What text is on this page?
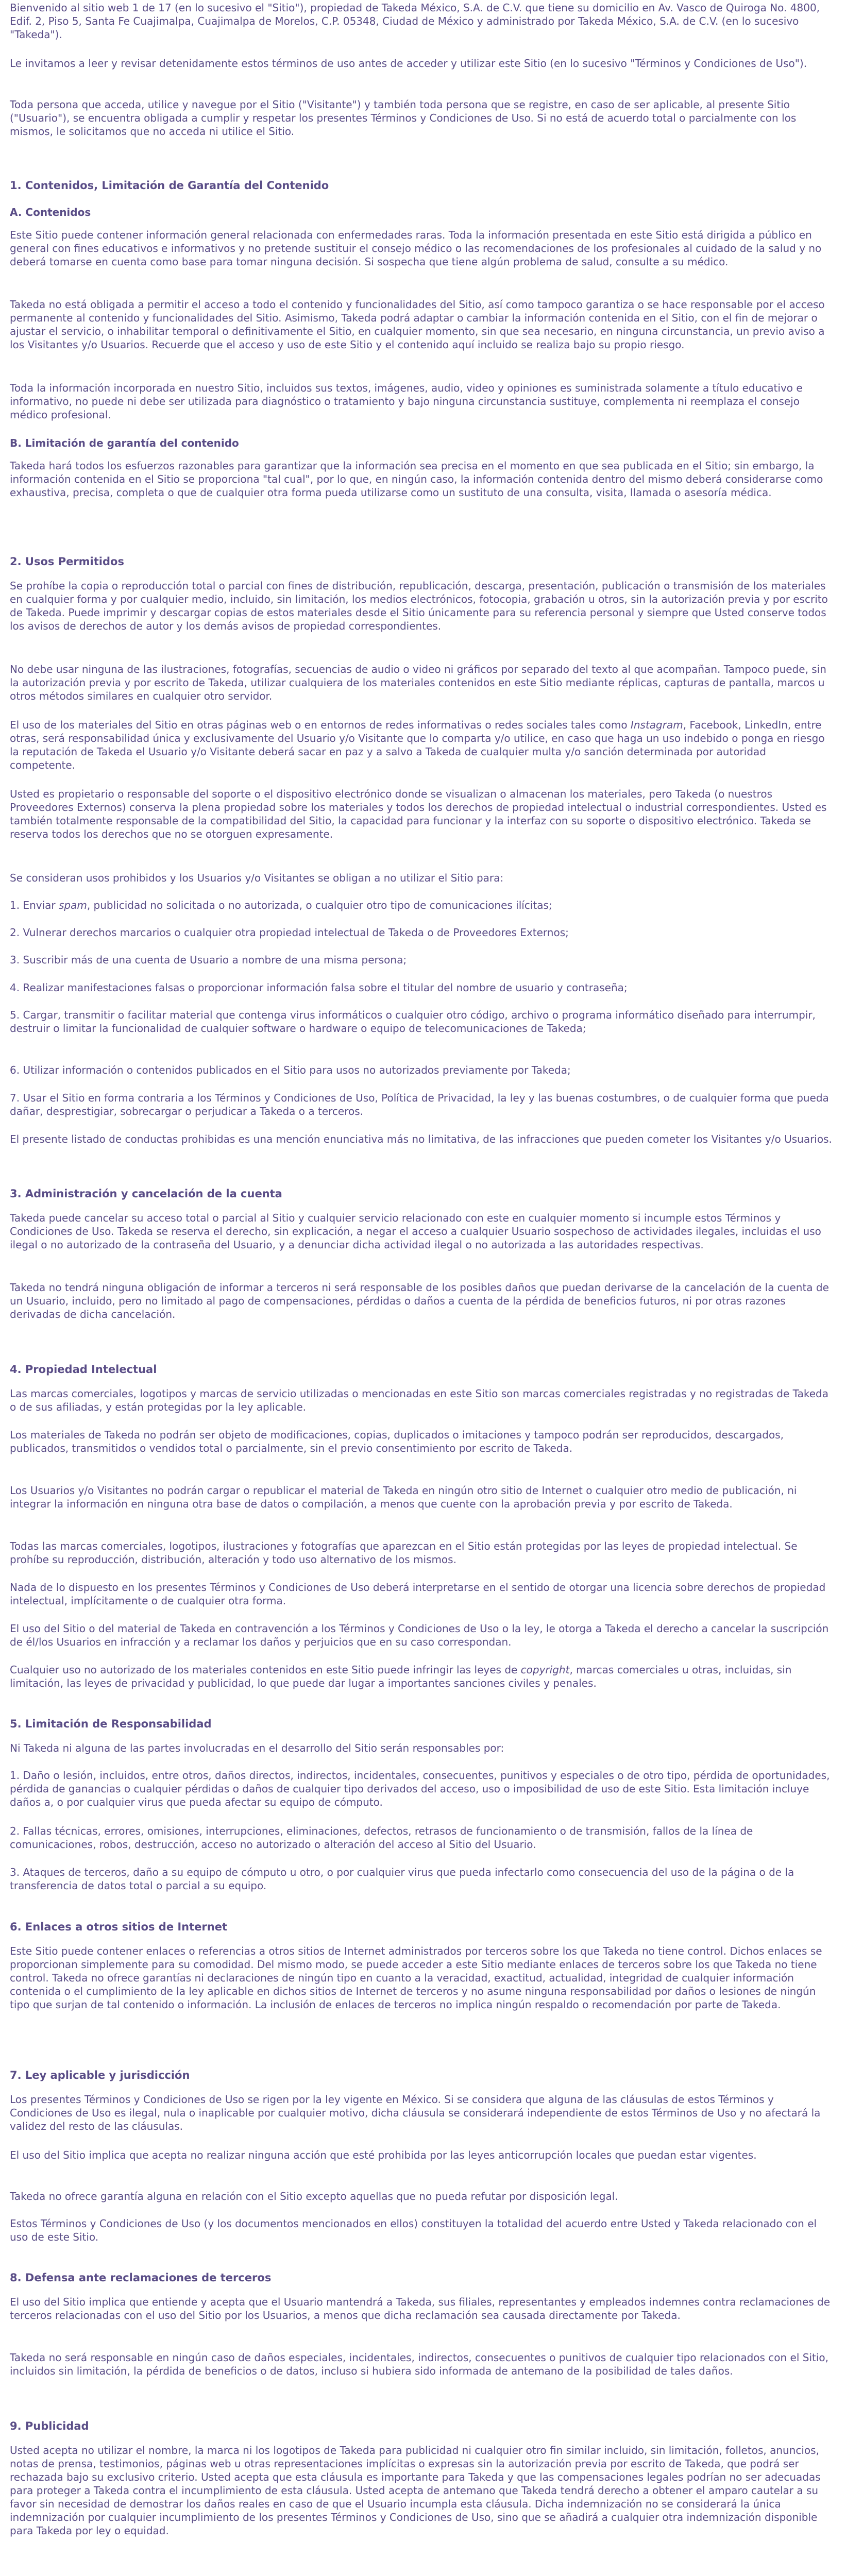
Bienvenido al sitio web 1 de 17 (en lo sucesivo el "Sitio"), propiedad de Takeda México, S.A. de C.V. que tiene su domicilio en Av. Vasco de Quiroga No. 4800, Edif. 2, Piso 5, Santa Fe Cuajimalpa, Cuajimalpa de Morelos, C.P. 05348, Ciudad de México y administrado por Takeda México, S.A. de C.V. (en lo sucesivo "Takeda").

Le invitamos a leer y revisar detenidamente estos términos de uso antes de acceder y utilizar este Sitio (en lo sucesivo "Términos y Condiciones de Uso").

Toda persona que acceda, utilice y navegue por el Sitio ("Visitante") y también toda persona que se registre, en caso de ser aplicable, al presente Sitio ("Usuario"), se encuentra obligada a cumplir y respetar los presentes Términos y Condiciones de Uso. Si no está de acuerdo total o parcialmente con los mismos, le solicitamos que no acceda ni utilice el Sitio.

1. Contenidos, Limitación de Garantía del Contenido
A. Contenidos

Este Sitio puede contener información general relacionada con enfermedades raras. Toda la información presentada en este Sitio está dirigida a público en general con fines educativos e informativos y no pretende sustituir el consejo médico o las recomendaciones de los profesionales al cuidado de la salud y no deberá tomarse en cuenta como base para tomar ninguna decisión. Si sospecha que tiene algún problema de salud, consulte a su médico.

Takeda no está obligada a permitir el acceso a todo el contenido y funcionalidades del Sitio, así como tampoco garantiza o se hace responsable por el acceso permanente al contenido y funcionalidades del Sitio. Asimismo, Takeda podrá adaptar o cambiar la información contenida en el Sitio, con el fin de mejorar o ajustar el servicio, o inhabilitar temporal o definitivamente el Sitio, en cualquier momento, sin que sea necesario, en ninguna circunstancia, un previo aviso a los Visitantes y/o Usuarios. Recuerde que el acceso y uso de este Sitio y el contenido aquí incluido se realiza bajo su propio riesgo.

Toda la información incorporada en nuestro Sitio, incluidos sus textos, imágenes, audio, video y opiniones es suministrada solamente a título educativo e informativo, no puede ni debe ser utilizada para diagnóstico o tratamiento y bajo ninguna circunstancia sustituye, complementa ni reemplaza el consejo médico profesional.

B. Limitación de garantía del contenido

Takeda hará todos los esfuerzos razonables para garantizar que la información sea precisa en el momento en que sea publicada en el Sitio; sin embargo, la información contenida en el Sitio se proporciona "tal cual", por lo que, en ningún caso, la información contenida dentro del mismo deberá considerarse como exhaustiva, precisa, completa o que de cualquier otra forma pueda utilizarse como un sustituto de una consulta, visita, llamada o asesoría médica.

2. Usos Permitidos

Se prohíbe la copia o reproducción total o parcial con fines de distribución, republicación, descarga, presentación, publicación o transmisión de los materiales en cualquier forma y por cualquier medio, incluido, sin limitación, los medios electrónicos, fotocopia, grabación u otros, sin la autorización previa y por escrito de Takeda. Puede imprimir y descargar copias de estos materiales desde el Sitio únicamente para su referencia personal y siempre que Usted conserve todos los avisos de derechos de autor y los demás avisos de propiedad correspondientes.

No debe usar ninguna de las ilustraciones, fotografías, secuencias de audio o video ni gráficos por separado del texto al que acompañan. Tampoco puede, sin la autorización previa y por escrito de Takeda, utilizar cualquiera de los materiales contenidos en este Sitio mediante réplicas, capturas de pantalla, marcos u otros métodos similares en cualquier otro servidor.

El uso de los materiales del Sitio en otras páginas web o en entornos de redes informativas o redes sociales tales como Instagram, Facebook, LinkedIn, entre otras, será responsabilidad única y exclusivamente del Usuario y/o Visitante que lo comparta y/o utilice, en caso que haga un uso indebido o ponga en riesgo la reputación de Takeda el Usuario y/o Visitante deberá sacar en paz y a salvo a Takeda de cualquier multa y/o sanción determinada por autoridad competente.

Usted es propietario o responsable del soporte o el dispositivo electrónico donde se visualizan o almacenan los materiales, pero Takeda (o nuestros Proveedores Externos) conserva la plena propiedad sobre los materiales y todos los derechos de propiedad intelectual o industrial correspondientes. Usted es también totalmente responsable de la compatibilidad del Sitio, la capacidad para funcionar y la interfaz con su soporte o dispositivo electrónico. Takeda se reserva todos los derechos que no se otorguen expresamente.

Se consideran usos prohibidos y los Usuarios y/o Visitantes se obligan a no utilizar el Sitio para:

1. Enviar spam, publicidad no solicitada o no autorizada, o cualquier otro tipo de comunicaciones ilícitas;

2. Vulnerar derechos marcarios o cualquier otra propiedad intelectual de Takeda o de Proveedores Externos;

3. Suscribir más de una cuenta de Usuario a nombre de una misma persona;

4. Realizar manifestaciones falsas o proporcionar información falsa sobre el titular del nombre de usuario y contraseña;

5. Cargar, transmitir o facilitar material que contenga virus informáticos o cualquier otro código, archivo o programa informático diseñado para interrumpir, destruir o limitar la funcionalidad de cualquier software o hardware o equipo de telecomunicaciones de Takeda;

6. Utilizar información o contenidos publicados en el Sitio para usos no autorizados previamente por Takeda;

7. Usar el Sitio en forma contraria a los Términos y Condiciones de Uso, Política de Privacidad, la ley y las buenas costumbres, o de cualquier forma que pueda dañar, desprestigiar, sobrecargar o perjudicar a Takeda o a terceros.

El presente listado de conductas prohibidas es una mención enunciativa más no limitativa, de las infracciones que pueden cometer los Visitantes y/o Usuarios.

3. Administración y cancelación de la cuenta

Takeda puede cancelar su acceso total o parcial al Sitio y cualquier servicio relacionado con este en cualquier momento si incumple estos Términos y Condiciones de Uso. Takeda se reserva el derecho, sin explicación, a negar el acceso a cualquier Usuario sospechoso de actividades ilegales, incluidas el uso ilegal o no autorizado de la contraseña del Usuario, y a denunciar dicha actividad ilegal o no autorizada a las autoridades respectivas.

Takeda no tendrá ninguna obligación de informar a terceros ni será responsable de los posibles daños que puedan derivarse de la cancelación de la cuenta de un Usuario, incluido, pero no limitado al pago de compensaciones, pérdidas o daños a cuenta de la pérdida de beneficios futuros, ni por otras razones derivadas de dicha cancelación.

4. Propiedad Intelectual

Las marcas comerciales, logotipos y marcas de servicio utilizadas o mencionadas en este Sitio son marcas comerciales registradas y no registradas de Takeda o de sus afiliadas, y están protegidas por la ley aplicable.

Los materiales de Takeda no podrán ser objeto de modificaciones, copias, duplicados o imitaciones y tampoco podrán ser reproducidos, descargados, publicados, transmitidos o vendidos total o parcialmente, sin el previo consentimiento por escrito de Takeda.

Los Usuarios y/o Visitantes no podrán cargar o republicar el material de Takeda en ningún otro sitio de Internet o cualquier otro medio de publicación, ni integrar la información en ninguna otra base de datos o compilación, a menos que cuente con la aprobación previa y por escrito de Takeda.

Todas las marcas comerciales, logotipos, ilustraciones y fotografías que aparezcan en el Sitio están protegidas por las leyes de propiedad intelectual. Se prohíbe su reproducción, distribución, alteración y todo uso alternativo de los mismos.

Nada de lo dispuesto en los presentes Términos y Condiciones de Uso deberá interpretarse en el sentido de otorgar una licencia sobre derechos de propiedad intelectual, implícitamente o de cualquier otra forma.

El uso del Sitio o del material de Takeda en contravención a los Términos y Condiciones de Uso o la ley, le otorga a Takeda el derecho a cancelar la suscripción de él/los Usuarios en infracción y a reclamar los daños y perjuicios que en su caso correspondan.

Cualquier uso no autorizado de los materiales contenidos en este Sitio puede infringir las leyes de copyright, marcas comerciales u otras, incluidas, sin limitación, las leyes de privacidad y publicidad, lo que puede dar lugar a importantes sanciones civiles y penales.

5. Limitación de Responsabilidad

Ni Takeda ni alguna de las partes involucradas en el desarrollo del Sitio serán responsables por:

1. Daño o lesión, incluidos, entre otros, daños directos, indirectos, incidentales, consecuentes, punitivos y especiales o de otro tipo, pérdida de oportunidades, pérdida de ganancias o cualquier pérdidas o daños de cualquier tipo derivados del acceso, uso o imposibilidad de uso de este Sitio. Esta limitación incluye daños a, o por cualquier virus que pueda afectar su equipo de cómputo.

2. Fallas técnicas, errores, omisiones, interrupciones, eliminaciones, defectos, retrasos de funcionamiento o de transmisión, fallos de la línea de comunicaciones, robos, destrucción, acceso no autorizado o alteración del acceso al Sitio del Usuario.

3. Ataques de terceros, daño a su equipo de cómputo u otro, o por cualquier virus que pueda infectarlo como consecuencia del uso de la página o de la transferencia de datos total o parcial a su equipo.

6. Enlaces a otros sitios de Internet

Este Sitio puede contener enlaces o referencias a otros sitios de Internet administrados por terceros sobre los que Takeda no tiene control. Dichos enlaces se proporcionan simplemente para su comodidad. Del mismo modo, se puede acceder a este Sitio mediante enlaces de terceros sobre los que Takeda no tiene control. Takeda no ofrece garantías ni declaraciones de ningún tipo en cuanto a la veracidad, exactitud, actualidad, integridad de cualquier información contenida o el cumplimiento de la ley aplicable en dichos sitios de Internet de terceros y no asume ninguna responsabilidad por daños o lesiones de ningún tipo que surjan de tal contenido o información. La inclusión de enlaces de terceros no implica ningún respaldo o recomendación por parte de Takeda.

7. Ley aplicable y jurisdicción

Los presentes Términos y Condiciones de Uso se rigen por la ley vigente en México. Si se considera que alguna de las cláusulas de estos Términos y Condiciones de Uso es ilegal, nula o inaplicable por cualquier motivo, dicha cláusula se considerará independiente de estos Términos de Uso y no afectará la validez del resto de las cláusulas.

El uso del Sitio implica que acepta no realizar ninguna acción que esté prohibida por las leyes anticorrupción locales que puedan estar vigentes.

Takeda no ofrece garantía alguna en relación con el Sitio excepto aquellas que no pueda refutar por disposición legal.

Estos Términos y Condiciones de Uso (y los documentos mencionados en ellos) constituyen la totalidad del acuerdo entre Usted y Takeda relacionado con el uso de este Sitio.

8. Defensa ante reclamaciones de terceros

El uso del Sitio implica que entiende y acepta que el Usuario mantendrá a Takeda, sus filiales, representantes y empleados indemnes contra reclamaciones de terceros relacionadas con el uso del Sitio por los Usuarios, a menos que dicha reclamación sea causada directamente por Takeda.

Takeda no será responsable en ningún caso de daños especiales, incidentales, indirectos, consecuentes o punitivos de cualquier tipo relacionados con el Sitio, incluidos sin limitación, la pérdida de beneficios o de datos, incluso si hubiera sido informada de antemano de la posibilidad de tales daños.

9. Publicidad

Usted acepta no utilizar el nombre, la marca ni los logotipos de Takeda para publicidad ni cualquier otro fin similar incluido, sin limitación, folletos, anuncios, notas de prensa, testimonios, páginas web u otras representaciones implícitas o expresas sin la autorización previa por escrito de Takeda, que podrá ser rechazada bajo su exclusivo criterio. Usted acepta que esta cláusula es importante para Takeda y que las compensaciones legales podrían no ser adecuadas para proteger a Takeda contra el incumplimiento de esta cláusula. Usted acepta de antemano que Takeda tendrá derecho a obtener el amparo cautelar a su favor sin necesidad de demostrar los daños reales en caso de que el Usuario incumpla esta cláusula. Dicha indemnización no se considerará la única indemnización por cualquier incumplimiento de los presentes Términos y Condiciones de Uso, sino que se añadirá a cualquier otra indemnización disponible para Takeda por ley o equidad.
